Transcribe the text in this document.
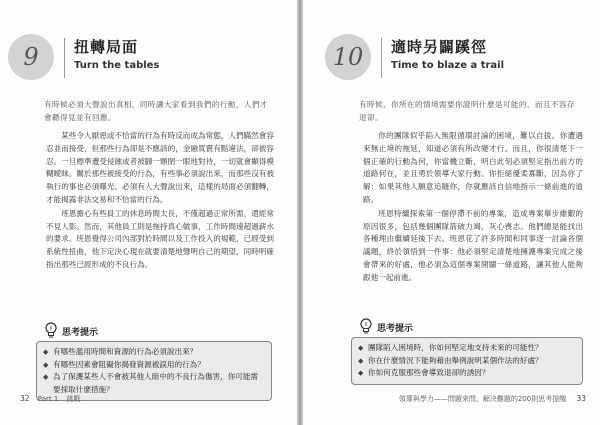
9	扭轉局面
Turn the tables
有時候必須大聲說出真相，同時讓大家看到我們的行動，人們才會聽得見並有回應。

某些令人厭惡或不恰當的行為有時反而成為常態，人們瞞然會容忍並而接受，但那些行為卻是不應該的，金融買賣有點違法，卻被容忍。一旦標準遭受侵蝕或者被腳一顆閉一眼地對待，一切就會顯得模糊曖昧。關於那些被接受的行為，有些事必須說出來，而那些沒有被執行的事也必須曝光。必須有人大聲說出來，這樣的局面必須翻轉，才能揭露非法交易和不恰當的行為。

班恩擔心有些員工的休息時間太長，不僅超過正常所需，還經常不見人影。然而，其他員工則是拖持真心做事，工作時間遠超過薪水的要求。班恩覺得公司內部對於時間以及工作投入的規範，已經受到系統性扭曲，他下定決心現在就要清楚地聲明自己的期望，同時明確指出那些已經形成的不良行為。

思考提示
◆ 有哪些濫用時間和資源的行為必須說出來？
◆ 有哪些因素會阻礙你揭發資源被誤用的行為？
◆ 為了保護某些人不會被其他人暗中的不良行為傷害，你可能需要採取什麼措施？
32 Part 1 挑戰
10	適時另闢蹊徑
Time to blaze a trail
有時候，你所在的情境需要你證明什麼是可能的，而且不容存退卻。

你的團隊似乎陷入無限循環討論的困境，難以自拔。你遭遇來無止境的拖延，知道必須有所改變才行。而且，你很清楚下一個正確的行動為何，你當機立斷，明白此刻必須堅定指出前方的道路何在，並且勇於領導大家行動。你拒絕優柔寡斷，因為你了解：如果其他人願意追隨你，你就應該自信地指示一條前進的道路。

班恩特繼探索第一個停滯不前的專案，造成專案舉步維艱的原因很多，包括幾個團隊箭破力竭、灰心喪志。他們總是能找出各種理由繼續延後下去。班恩花了許多時間和同事逐一討論各個議題，終於領悟到一件事：他必須堅定清楚地擁護專案完成之後會帶來的好處，他必須為這個專案開闢一條道路，讓其他人能夠跟他一起前進。

思考提示
◆ 團隊陷入困境時，你如何堅定地支持未來的可能性？
◆ 你在什麼情況下能夠藉由舉例說明某個作法的好處？
◆ 你如何克服那些會導致退卻的誘因？
領導與學力——問題來問、解決難題的200則思考提醒 33
